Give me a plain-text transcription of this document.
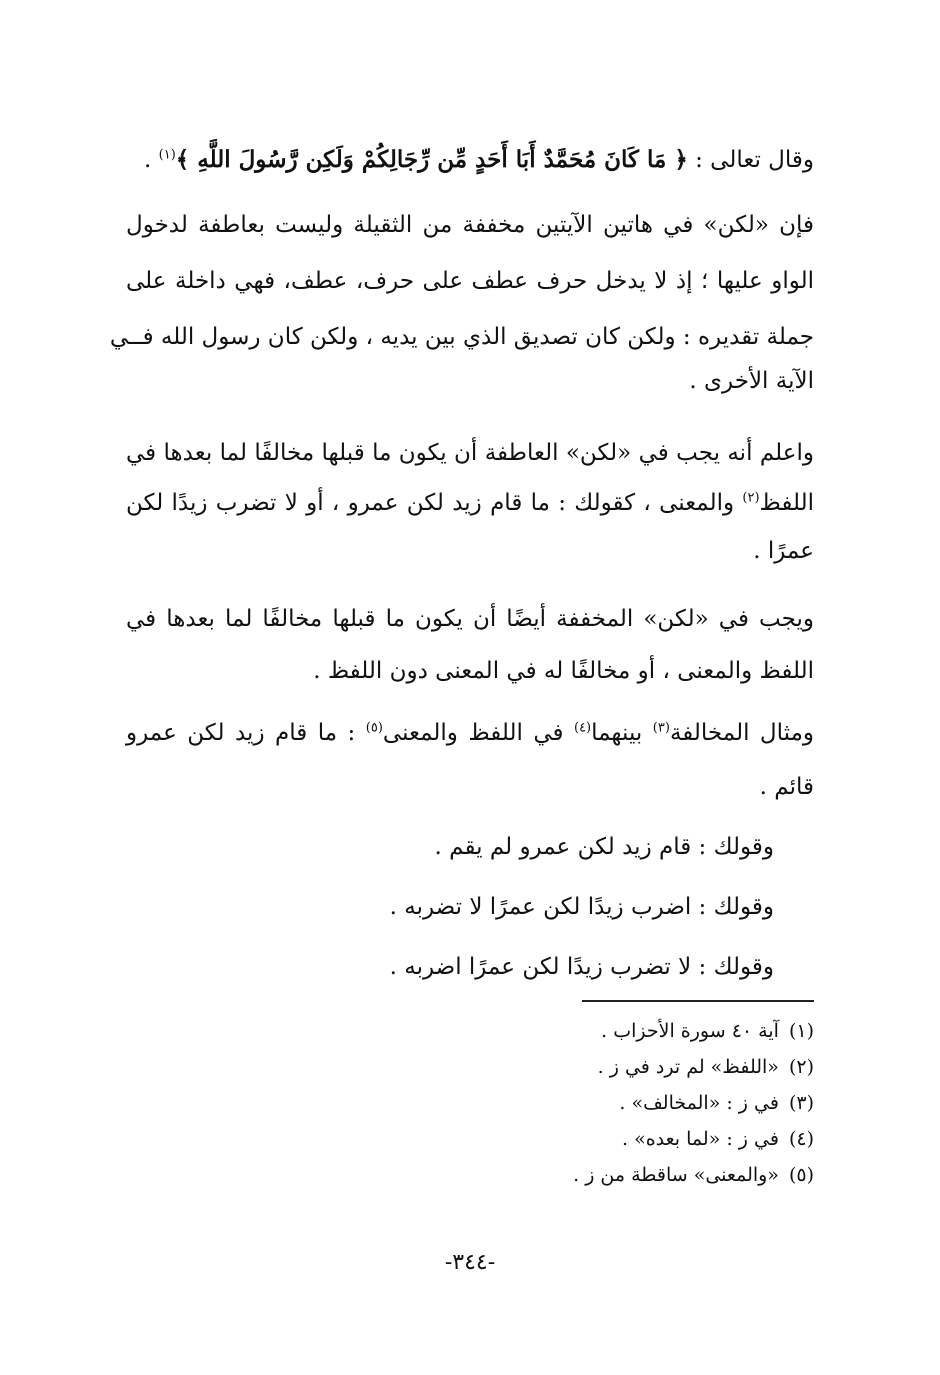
وقال تعالى : ﴿ مَا كَانَ مُحَمَّدٌ أَبَا أَحَدٍ مِّن رِّجَالِكُمْ وَلَكِن رَّسُولَ اللَّهِ ﴾$^{(١)}$ .
فإن «لكن» في هاتين الآيتين مخففة من الثقيلة وليست بعاطفة لدخول
الواو عليها ؛ إذ لا يدخل حرف عطف على حرف، عطف، فهي داخلة على
جملة تقديره : ولكن كان تصديق الذي بين يديه ، ولكن كان رسول الله فــي
الآية الأخرى .
واعلم أنه يجب في «لكن» العاطفة أن يكون ما قبلها مخالفًا لما بعدها في
اللفظ$^{(٢)}$ والمعنى ، كقولك : ما قام زيد لكن عمرو ، أو لا تضرب زيدًا لكن
عمرًا .
ويجب في «لكن» المخففة أيضًا أن يكون ما قبلها مخالفًا لما بعدها في
اللفظ والمعنى ، أو مخالفًا له في المعنى دون اللفظ .
ومثال المخالفة$^{(٣)}$ بينهما$^{(٤)}$ في اللفظ والمعنى$^{(٥)}$ : ما قام زيد لكن عمرو
قائم .
وقولك : قام زيد لكن عمرو لم يقم .
وقولك : اضرب زيدًا لكن عمرًا لا تضربه .
وقولك : لا تضرب زيدًا لكن عمرًا اضربه .
(١)آية ٤٠ سورة الأحزاب .
(٢)«اللفظ» لم ترد في ز .
(٣)في ز : «المخالف» .
(٤)في ز : «لما بعده» .
(٥)«والمعنى» ساقطة من ز .
-٣٤٤-
